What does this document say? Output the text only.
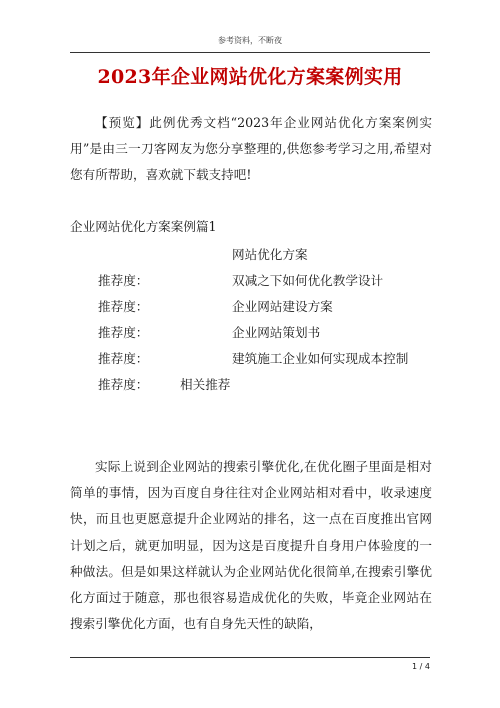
参考资料，不断夜
2023年企业网站优化方案案例实用
【预览】此例优秀文档“2023年企业网站优化方案案例实用”是由三一刀客网友为您分享整理的,供您参考学习之用,希望对您有所帮助，喜欢就下载支持吧!
企业网站优化方案案例篇1
网站优化方案
推荐度：	双减之下如何优化教学设计
推荐度：	企业网站建设方案
推荐度：	企业网站策划书
推荐度：	建筑施工企业如何实现成本控制
推荐度：	相关推荐

实际上说到企业网站的搜索引擎优化,在优化圈子里面是相对简单的事情，因为百度自身往往对企业网站相对看中，收录速度快，而且也更愿意提升企业网站的排名，这一点在百度推出官网计划之后，就更加明显，因为这是百度提升自身用户体验度的一种做法。但是如果这样就认为企业网站优化很简单,在搜索引擎优化方面过于随意，那也很容易造成优化的失败，毕竟企业网站在搜索引擎优化方面，也有自身先天性的缺陷，

1 / 4
